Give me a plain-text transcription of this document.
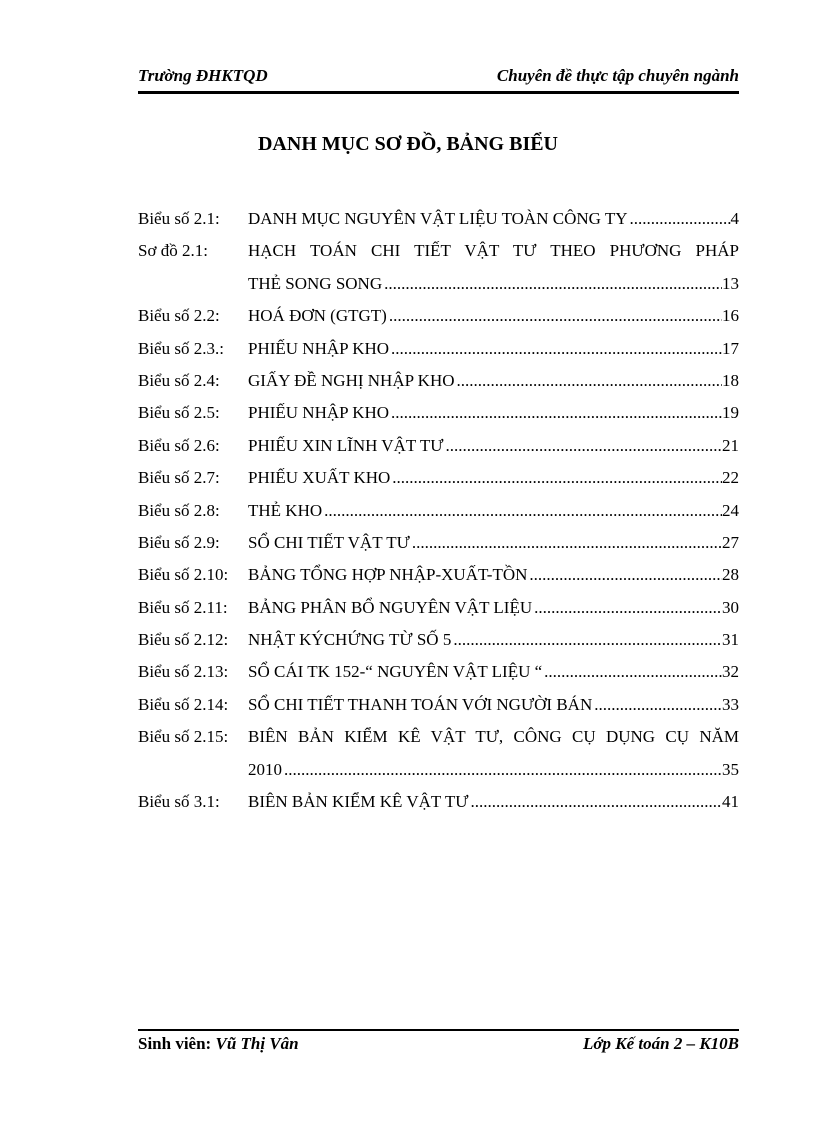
Trường ĐHKTQD	Chuyên đề thực tập chuyên ngành
DANH MỤC SƠ ĐỒ, BẢNG BIỂU
Biểu số 2.1: DANH MỤC NGUYÊN VẬT LIỆU TOÀN CÔNG TY .....	4
Sơ đồ 2.1: HẠCH TOÁN CHI TIẾT VẬT TƯ THEO PHƯƠNG PHÁP
THẺ SONG SONG .....	13
Biểu số 2.2: HOÁ ĐƠN (GTGT) .....	16
Biểu số 2.3.: PHIẾU NHẬP KHO .....	17
Biểu số 2.4: GIẤY ĐỀ NGHỊ NHẬP KHO .....	18
Biểu số 2.5: PHIẾU NHẬP KHO .....	19
Biểu số 2.6: PHIẾU XIN LĨNH VẬT TƯ .....	21
Biểu số 2.7: PHIẾU XUẤT KHO .....	22
Biểu số 2.8: THẺ KHO .....	24
Biểu số 2.9: SỔ CHI TIẾT VẬT TƯ .....	27
Biểu số 2.10: BẢNG TỔNG HỢP NHẬP-XUẤT-TỒN .....	28
Biểu số 2.11: BẢNG PHÂN BỔ NGUYÊN VẬT LIỆU .....	30
Biểu số 2.12: NHẬT KÝCHỨNG TỪ SỐ 5 .....	31
Biểu số 2.13: SỔ CÁI TK 152-“ NGUYÊN VẬT LIỆU “ .....	32
Biểu số 2.14: SỔ CHI TIẾT THANH TOÁN VỚI NGƯỜI BÁN .....	33
Biểu số 2.15: BIÊN BẢN KIỂM KÊ VẬT TƯ, CÔNG CỤ DỤNG CỤ NĂM
2010 .....	35
Biểu số 3.1: BIÊN BẢN KIỂM KÊ VẬT TƯ .....	41
Sinh viên: Vũ Thị Vân	Lớp Kế toán 2 – K10B
